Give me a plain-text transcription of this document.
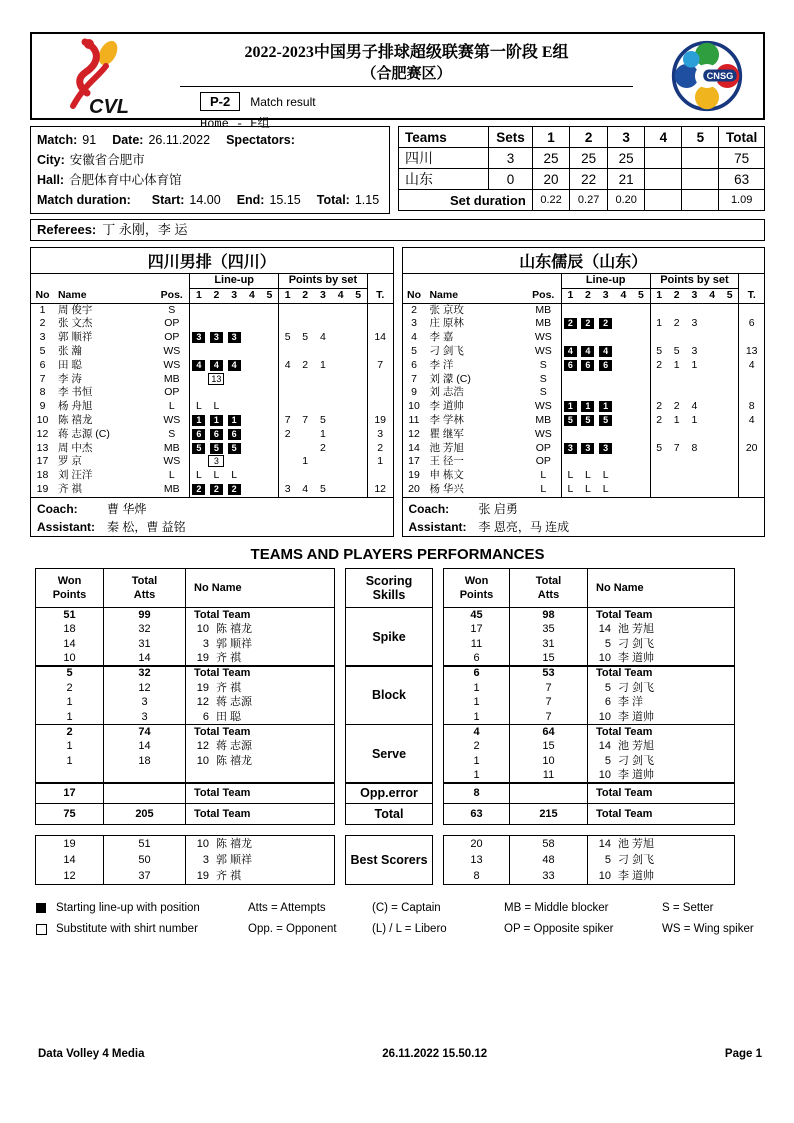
CVL
2022-2023中国男子排球超级联赛第一阶段 E组
（合肥赛区）
P-2	Match result
Home - E组
CNSG
Match: 91 Date: 26.11.2022 Spectators:
City: 安徽省合肥市
Hall: 合肥体育中心体育馆
Match duration: Start: 14.00 End: 15.15 Total: 1.15
Teams	Sets	1	2	3	4	5	Total
四川	3	25	25	25			75
山东	0	20	22	21			63
Set duration		0.22	0.27	0.20			1.09
Referees: 丁 永刚，李 运
四川男排（四川）
			Line-up					Points by set					
No	Name	Pos.	1	2	3	4	5	1	2	3	4	5	T.
1	周 俊宇	S											
2	张 文杰	OP											
3	郭 顺祥	OP	3	3	3			5	5	4			14
5	张 瀚	WS											
6	田 聪	WS	4	4	4			4	2	1			7
7	李 涛	MB		13									
8	李 书恒	OP											
9	杨 舟旭	L	L	L									
10	陈 禧龙	WS	1	1	1			7	7	5			19
12	蒋 志源 (C)	S	6	6	6			2		1			3
13	周 中杰	MB	5	5	5					2			2
17	罗 京	WS		3					1				1
18	刘 汪洋	L	L	L	L								
19	齐 祺	MB	2	2	2			3	4	5			12
Coach: 曹 华烨
Assistant: 秦 松，曹 益铭
山东儒辰（山东）
			Line-up					Points by set					
No	Name	Pos.	1	2	3	4	5	1	2	3	4	5	T.
2	张 京玫	MB											
3	庄 原林	MB	2	2	2			1	2	3			6
4	李 嘉	WS											
5	刁 剑飞	WS	4	4	4			5	5	3			13
6	李 洋	S	6	6	6			2	1	1			4
7	刘 濛 (C)	S											
9	刘 志浩	S											
10	李 道帅	WS	1	1	1			2	2	4			8
11	李 学林	MB	5	5	5			2	1	1			4
12	瞿 继军	WS											
14	池 芳旭	OP	3	3	3			5	7	8			20
17	王 径一	OP											
19	申 栋文	L	L	L	L								
20	杨 华兴	L	L	L	L								
Coach: 张 启勇
Assistant: 李 恩亮，马 连成
TEAMS AND PLAYERS PERFORMANCES
Won
Points
Total
Atts
No Name	Scoring
Skills
Won
Points
Total
Atts
No Name
51	99	Total Team
18	32	10 陈 禧龙
14	31	3 郭 顺祥
10	14	19 齐 祺
Spike
45	98	Total Team
17	35	14 池 芳旭
11	31	5 刁 剑飞
6	15	10 李 道帅
5	32	Total Team
2	12	19 齐 祺
1	3	12 蒋 志源
1	3	6 田 聪
Block
6	53	Total Team
1	7	5 刁 剑飞
1	7	6 李 洋
1	7	10 李 道帅
2	74	Total Team
1	14	12 蒋 志源
1	18	10 陈 禧龙
Serve
4	64	Total Team
2	15	14 池 芳旭
1	10	5 刁 剑飞
1	11	10 李 道帅
17	Total Team	Opp.error	8	Total Team
75	205	Total Team	Total	63	215	Total Team
19	51	10 陈 禧龙
14	50	3 郭 顺祥
12	37	19 齐 祺
Best Scorers
20	58	14 池 芳旭
13	48	5 刁 剑飞
8	33	10 李 道帅
Starting line-up with position	Atts = Attempts	(C) = Captain	MB = Middle blocker	S = Setter
Substitute with shirt number	Opp. = Opponent	(L) / L = Libero	OP = Opposite spiker	WS = Wing spiker
Data Volley 4 Media	26.11.2022 15.50.12	Page 1
